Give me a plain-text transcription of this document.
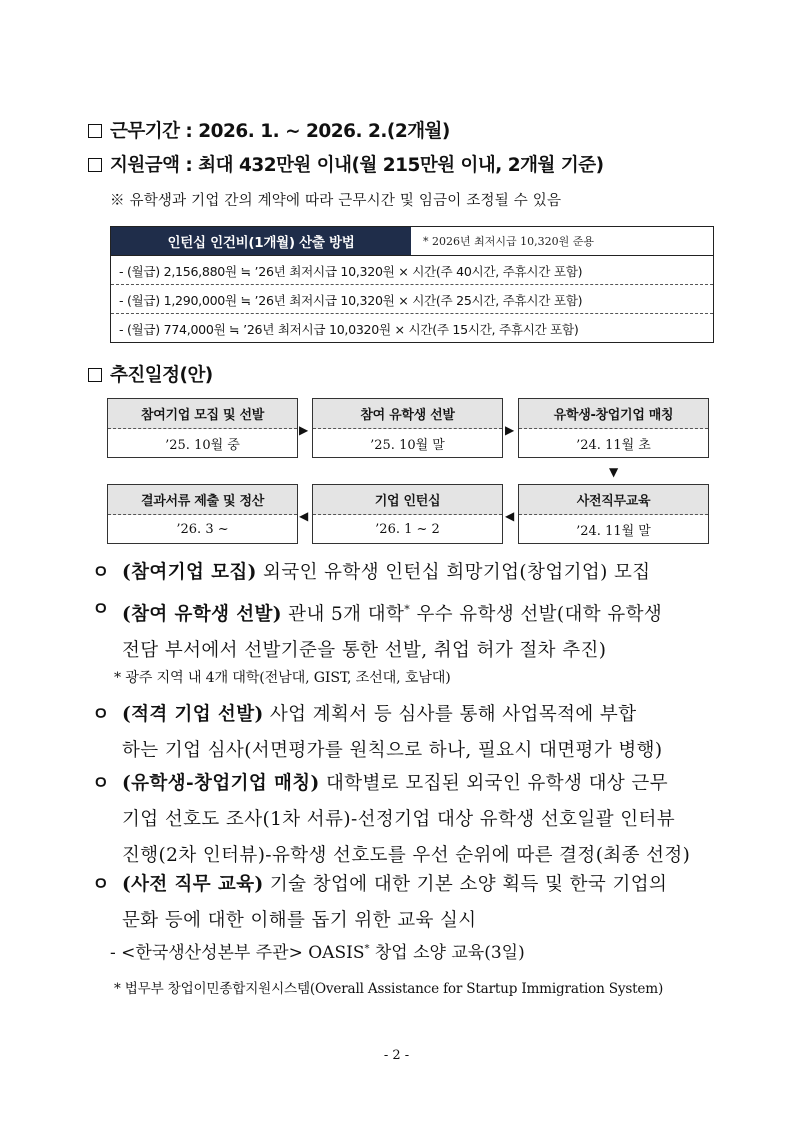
근무기간 : 2026. 1. ~ 2026. 2.(2개월)
지원금액 : 최대 432만원 이내(월 215만원 이내, 2개월 기준)
※ 유학생과 기업 간의 계약에 따라 근무시간 및 임금이 조정될 수 있음
인턴십 인건비(1개월) 산출 방법	* 2026년 최저시급 10,320원 준용
- (월급) 2,156,880원 ≒ ’26년 최저시급 10,320원 × 시간(주 40시간, 주휴시간 포함)
- (월급) 1,290,000원 ≒ ’26년 최저시급 10,320원 × 시간(주 25시간, 주휴시간 포함)
- (월급) 774,000원 ≒ ’26년 최저시급 10,0320원 × 시간(주 15시간, 주휴시간 포함)
추진일정(안)
참여기업 모집 및 선발
’25. 10월 중
▶
참여 유학생 선발
’25. 10월 말
▶
유학생-창업기업 매칭
’24. 11월 초
▼
사전직무교육
’24. 11월 말
◀
기업 인턴십
’26. 1 ~ 2
◀
결과서류 제출 및 정산
’26. 3 ~
ㅇ (참여기업 모집) 외국인 유학생 인턴십 희망기업(창업기업) 모집
ㅇ (참여 유학생 선발) 관내 5개 대학* 우수 유학생 선발(대학 유학생
전담 부서에서 선발기준을 통한 선발, 취업 허가 절차 추진)
* 광주 지역 내 4개 대학(전남대, GIST, 조선대, 호남대)
ㅇ (적격 기업 선발) 사업 계획서 등 심사를 통해 사업목적에 부합
하는 기업 심사(서면평가를 원칙으로 하나, 필요시 대면평가 병행)
ㅇ (유학생-창업기업 매칭) 대학별로 모집된 외국인 유학생 대상 근무
기업 선호도 조사(1차 서류)-선정기업 대상 유학생 선호일괄 인터뷰
진행(2차 인터뷰)-유학생 선호도를 우선 순위에 따른 결정(최종 선정)
ㅇ (사전 직무 교육) 기술 창업에 대한 기본 소양 획득 및 한국 기업의
문화 등에 대한 이해를 돕기 위한 교육 실시
- <한국생산성본부 주관> OASIS* 창업 소양 교육(3일)
* 법무부 창업이민종합지원시스템(Overall Assistance for Startup Immigration System)
- 2 -
